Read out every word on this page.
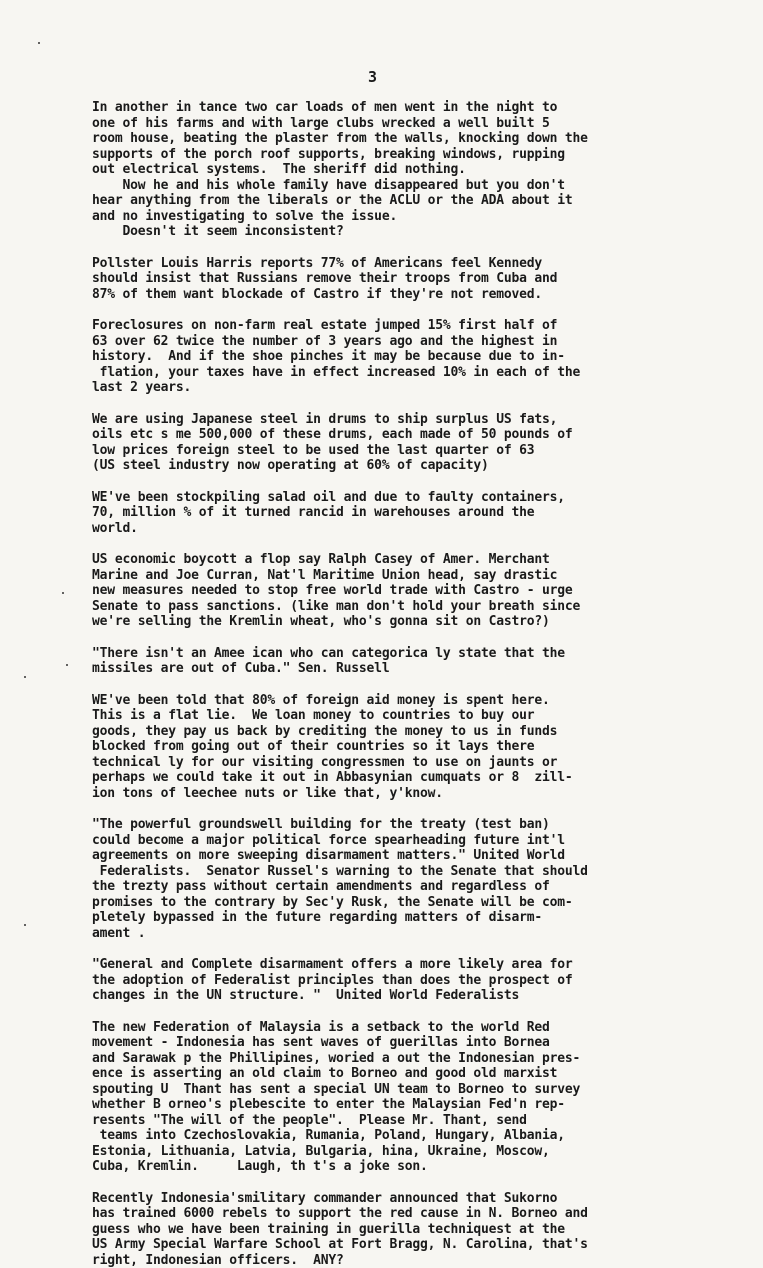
3

In another in tance two car loads of men went in the night to
one of his farms and with large clubs wrecked a well built 5
room house, beating the plaster from the walls, knocking down the
supports of the porch roof supports, breaking windows, rupping
out electrical systems.  The sheriff did nothing.
Now he and his whole family have disappeared but you don't
hear anything from the liberals or the ACLU or the ADA about it
and no investigating to solve the issue.
Doesn't it seem inconsistent?

Pollster Louis Harris reports 77% of Americans feel Kennedy
should insist that Russians remove their troops from Cuba and
87% of them want blockade of Castro if they're not removed.

Foreclosures on non-farm real estate jumped 15% first half of
63 over 62 twice the number of 3 years ago and the highest in
history.  And if the shoe pinches it may be because due to in-
flation, your taxes have in effect increased 10% in each of the
last 2 years.

We are using Japanese steel in drums to ship surplus US fats,
oils etc s me 500,000 of these drums, each made of 50 pounds of
low prices foreign steel to be used the last quarter of 63
(US steel industry now operating at 60% of capacity)

WE've been stockpiling salad oil and due to faulty containers,
70, million % of it turned rancid in warehouses around the
world.

US economic boycott a flop say Ralph Casey of Amer. Merchant
Marine and Joe Curran, Nat'l Maritime Union head, say drastic
new measures needed to stop free world trade with Castro - urge
Senate to pass sanctions. (like man don't hold your breath since
we're selling the Kremlin wheat, who's gonna sit on Castro?)

"There isn't an Amee ican who can categorica ly state that the
missiles are out of Cuba." Sen. Russell

WE've been told that 80% of foreign aid money is spent here.
This is a flat lie.  We loan money to countries to buy our
goods, they pay us back by crediting the money to us in funds
blocked from going out of their countries so it lays there
technical ly for our visiting congressmen to use on jaunts or
perhaps we could take it out in Abbasynian cumquats or 8  zill-
ion tons of leechee nuts or like that, y'know.

"The powerful groundswell building for the treaty (test ban)
could become a major political force spearheading future int'l
agreements on more sweeping disarmament matters." United World
Federalists.  Senator Russel's warning to the Senate that should
the trezty pass without certain amendments and regardless of
promises to the contrary by Sec'y Rusk, the Senate will be com-
pletely bypassed in the future regarding matters of disarm-
ament .

"General and Complete disarmament offers a more likely area for
the adoption of Federalist principles than does the prospect of
changes in the UN structure. "  United World Federalists

The new Federation of Malaysia is a setback to the world Red
movement - Indonesia has sent waves of guerillas into Bornea
and Sarawak p the Phillipines, woried a out the Indonesian pres-
ence is asserting an old claim to Borneo and good old marxist
spouting U  Thant has sent a special UN team to Borneo to survey
whether B orneo's plebescite to enter the Malaysian Fed'n rep-
resents "The will of the people".  Please Mr. Thant, send
teams into Czechoslovakia, Rumania, Poland, Hungary, Albania,
Estonia, Lithuania, Latvia, Bulgaria, hina, Ukraine, Moscow,
Cuba, Kremlin.     Laugh, th t's a joke son.

Recently Indonesia'smilitary commander announced that Sukorno
has trained 6000 rebels to support the red cause in N. Borneo and
guess who we have been training in guerilla techniquest at the
US Army Special Warfare School at Fort Bragg, N. Carolina, that's
right, Indonesian officers.  ANY?
